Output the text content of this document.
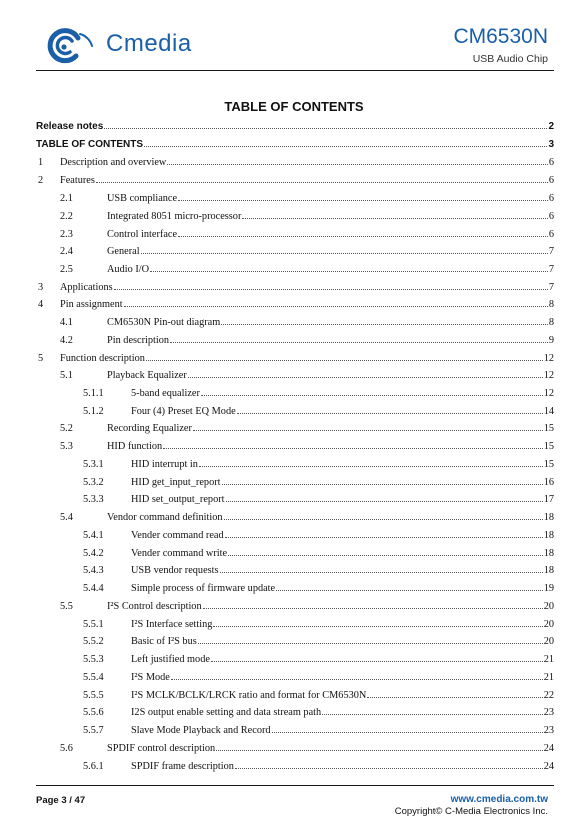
Cmedia	CM6530N
USB Audio Chip
TABLE OF CONTENTS
Release notes	2
TABLE OF CONTENTS	3
1	Description and overview	6
2	Features	6
2.1	USB compliance	6
2.2	Integrated 8051 micro-processor	6
2.3	Control interface	6
2.4	General	7
2.5	Audio I/O	7
3	Applications	7
4	Pin assignment	8
4.1	CM6530N Pin-out diagram	8
4.2	Pin description	9
5	Function description	12
5.1	Playback Equalizer	12
5.1.1	5-band equalizer	12
5.1.2	Four (4) Preset EQ Mode	14
5.2	Recording Equalizer	15
5.3	HID function	15
5.3.1	HID interrupt in	15
5.3.2	HID get_input_report	16
5.3.3	HID set_output_report	17
5.4	Vendor command definition	18
5.4.1	Vender command read	18
5.4.2	Vender command write	18
5.4.3	USB vendor requests	18
5.4.4	Simple process of firmware update	19
5.5	I²S Control description	20
5.5.1	I²S Interface setting	20
5.5.2	Basic of I²S bus	20
5.5.3	Left justified mode	21
5.5.4	I²S Mode	21
5.5.5	I²S MCLK/BCLK/LRCK ratio and format for CM6530N	22
5.5.6	I2S output enable setting and data stream path	23
5.5.7	Slave Mode Playback and Record	23
5.6	SPDIF control description	24
5.6.1	SPDIF frame description	24
Page 3 / 47	www.cmedia.com.tw
Copyright© C-Media Electronics Inc.
